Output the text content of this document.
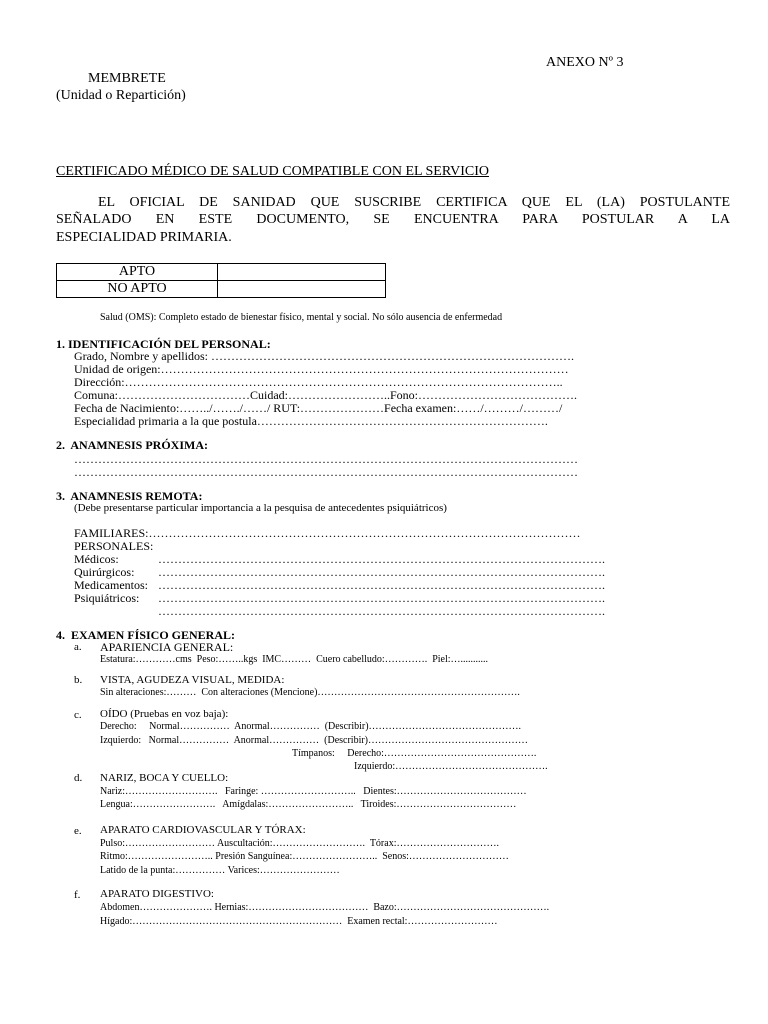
ANEXO Nº 3
MEMBRETE
(Unidad o Repartición)
CERTIFICADO MÉDICO DE SALUD COMPATIBLE CON EL SERVICIO
EL OFICIAL DE SANIDAD QUE SUSCRIBE CERTIFICA QUE EL (LA) POSTULANTE
SEÑALADO EN ESTE DOCUMENTO, SE ENCUENTRA PARA POSTULAR A LA
ESPECIALIDAD PRIMARIA.
APTO	
NO APTO	
Salud (OMS): Completo estado de bienestar físico, mental y social. No sólo ausencia de enfermedad
1. IDENTIFICACIÓN DEL PERSONAL:
Grado, Nombre y apellidos: ……………………………………………………………………………….
Unidad de origen:…………………………………………………………………………………………
Dirección:………………………………………………………………………………………………..
Comuna:……………………………Cuidad:……………………..Fono:………………………………….
Fecha de Nacimiento:……../……./……/ RUT:…………………Fecha examen:……/………/………/
Especialidad primaria a la que postula……………………………………………………………….
2.  ANAMNESIS PRÓXIMA:
………………………………………………………………………………………………………………
………………………………………………………………………………………………………………
3.  ANAMNESIS REMOTA:
(Debe presentarse particular importancia a la pesquisa de antecedentes psiquiátricos)
FAMILIARES:………………………………………………………………………………………………
PERSONALES:
Médicos:	………………………………………………………………………………………………….
Quirúrgicos: ………………………………………………………………………………………………….
Medicamentos: ………………………………………………………………………………………………….
Psiquiátricos: ………………………………………………………………………………………………….
………………………………………………………………………………………………….
4.  EXAMEN FÍSICO GENERAL:
a. APARIENCIA GENERAL:
Estatura:…………cms  Peso:……..kgs  IMC………  Cuero cabelludo:………….  Piel:…...........
b. VISTA, AGUDEZA VISUAL, MEDIDA:
Sin alteraciones:………  Con alteraciones (Mencione)…………………………………………………….
c. OÍDO (Pruebas en voz baja):
Derecho:     Normal……………  Anormal……………  (Describir)……………………………………….
Izquierdo:   Normal……………  Anormal……………  (Describir)…………………………………………
Tímpanos:     Derecho:……………………………………….
Izquierdo:……………………………………….
d. NARIZ, BOCA Y CUELLO:
Nariz:……………………….   Faringe: ………………………..   Dientes:…………………………………
Lengua:…………………….   Amígdalas:……………………..   Tiroides:………………………………
e. APARATO CARDIOVASCULAR Y TÓRAX:
Pulso:……………………… Auscultación:……………………….  Tórax:………………………….
Ritmo:…………………….. Presión Sanguínea:……………………..  Senos:…………………………
Latido de la punta:…………… Varices:……………………
f. APARATO DIGESTIVO:
Abdomen…………………. Hernias:………………………………  Bazo:……………………………………….
Hígado:………………………………………………………  Examen rectal:………………………
